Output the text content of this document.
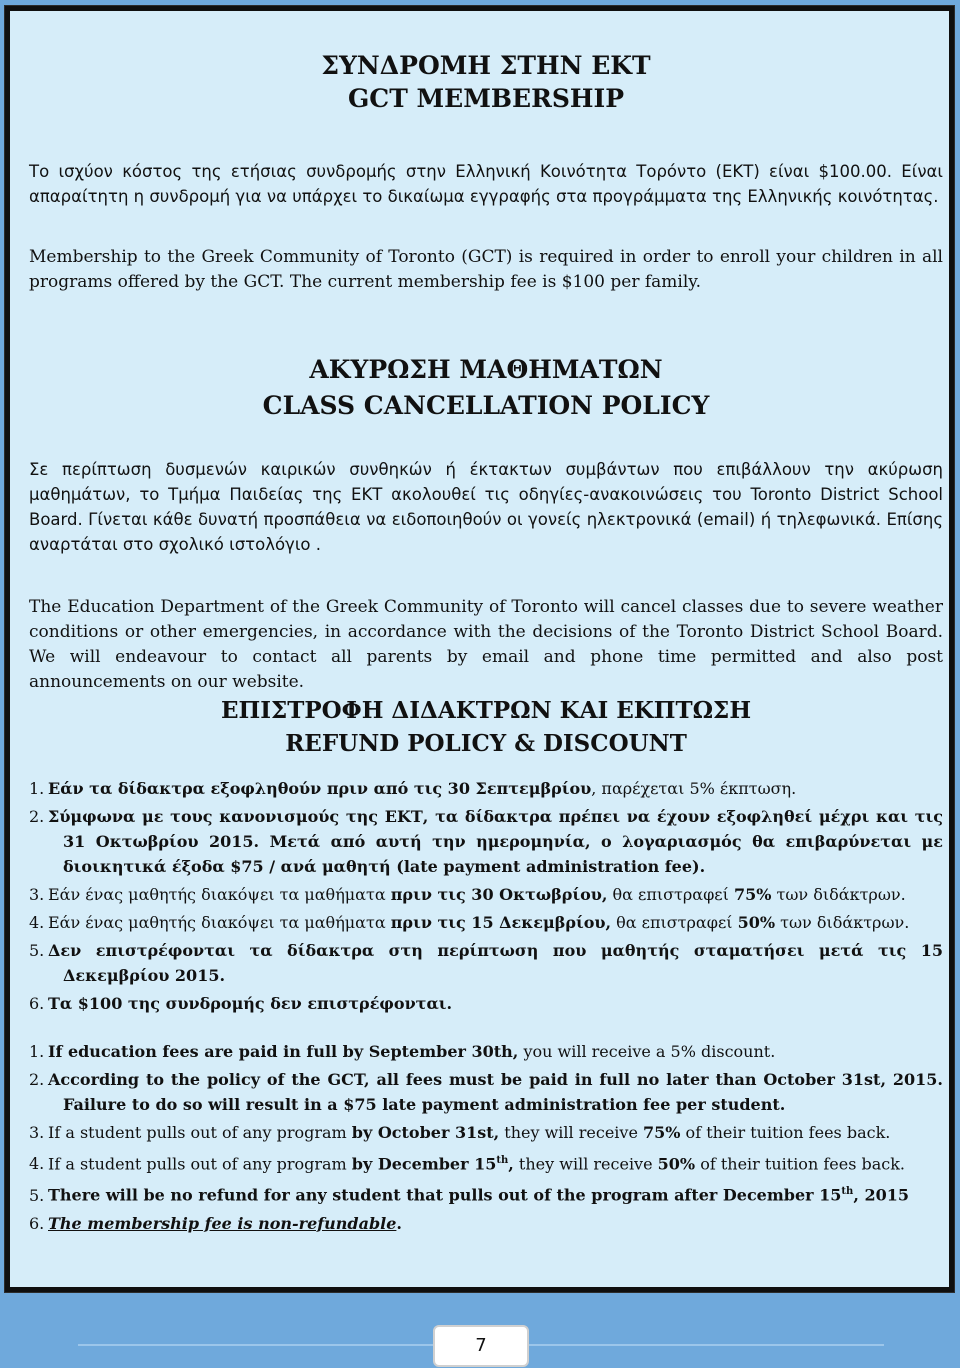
ΣΥΝΔΡΟΜΗ ΣΤΗΝ ΕΚΤ
GCT MEMBERSHIP

Το ισχύον κόστος της ετήσιας συνδρομής στην Ελληνική Κοινότητα Τορόντο (ΕΚΤ) είναι $100.00. Είναι απαραίτητη η συνδρομή για να υπάρχει το δικαίωμα εγγραφής στα προγράμματα της Ελληνικής κοινότητας.

Membership to the Greek Community of Toronto (GCT) is required in order to enroll your children in all programs offered by the GCT. The current membership fee is $100 per family.

ΑΚΥΡΩΣΗ ΜΑΘΗΜΑΤΩΝ
CLASS CANCELLATION POLICY

Σε περίπτωση δυσμενών καιρικών συνθηκών ή έκτακτων συμβάντων που επιβάλλουν την ακύρωση μαθημάτων, το Τμήμα Παιδείας της ΕΚΤ ακολουθεί τις οδηγίες-ανακοινώσεις του Toronto District School Board. Γίνεται κάθε δυνατή προσπάθεια να ειδοποιηθούν οι γονείς ηλεκτρονικά (email) ή τηλεφωνικά. Επίσης αναρτάται στο σχολικό ιστολόγιο .

The Education Department of the Greek Community of Toronto will cancel classes due to severe weather conditions or other emergencies, in accordance with the decisions of the Toronto District School Board. We will endeavour to contact all parents by email and phone time permitted and also post announcements on our website.

ΕΠΙΣΤΡΟΦΗ ΔΙΔΑΚΤΡΩΝ ΚΑΙ ΕΚΠΤΩΣΗ
REFUND POLICY & DISCOUNT
1. Εάν τα δίδακτρα εξοφληθούν πριν από τις 30 Σεπτεμβρίου, παρέχεται 5% έκπτωση.
2. Σύμφωνα με τους κανονισμούς της ΕΚΤ, τα δίδακτρα πρέπει να έχουν εξοφληθεί μέχρι και τις 31 Οκτωβρίου 2015. Μετά από αυτή την ημερομηνία, ο λογαριασμός θα επιβαρύνεται με διοικητικά έξοδα $75 / ανά μαθητή (late payment administration fee).
3. Εάν ένας μαθητής διακόψει τα μαθήματα πριν τις 30 Οκτωβρίου, θα επιστραφεί 75% των διδάκτρων.
4. Εάν ένας μαθητής διακόψει τα μαθήματα πριν τις 15 Δεκεμβρίου, θα επιστραφεί 50% των διδάκτρων.
5. Δεν επιστρέφονται τα δίδακτρα στη περίπτωση που μαθητής σταματήσει μετά τις 15 Δεκεμβρίου 2015.
6. Τα $100 της συνδρομής δεν επιστρέφονται.
1. If education fees are paid in full by September 30th, you will receive a 5% discount.
2. According to the policy of the GCT, all fees must be paid in full no later than October 31st, 2015. Failure to do so will result in a $75 late payment administration fee per student.
3. If a student pulls out of any program by October 31st, they will receive 75% of their tuition fees back.
4. If a student pulls out of any program by December 15th, they will receive 50% of their tuition fees back.
5. There will be no refund for any student that pulls out of the program after December 15th, 2015
6. The membership fee is non-refundable.
7
